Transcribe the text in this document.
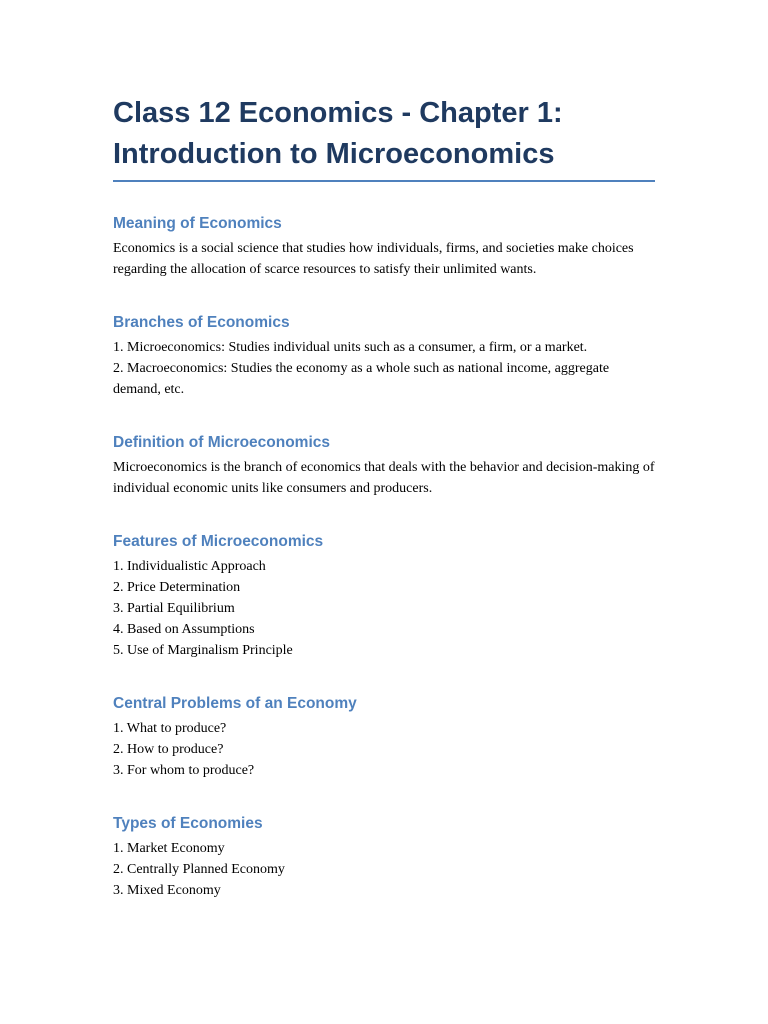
Class 12 Economics - Chapter 1:
Introduction to Microeconomics
Meaning of Economics

Economics is a social science that studies how individuals, firms, and societies make choices regarding the allocation of scarce resources to satisfy their unlimited wants.

Branches of Economics
1. Microeconomics: Studies individual units such as a consumer, a firm, or a market.
2. Macroeconomics: Studies the economy as a whole such as national income, aggregate demand, etc.
Definition of Microeconomics

Microeconomics is the branch of economics that deals with the behavior and decision-making of individual economic units like consumers and producers.

Features of Microeconomics
1. Individualistic Approach
2. Price Determination
3. Partial Equilibrium
4. Based on Assumptions
5. Use of Marginalism Principle
Central Problems of an Economy
1. What to produce?
2. How to produce?
3. For whom to produce?
Types of Economies
1. Market Economy
2. Centrally Planned Economy
3. Mixed Economy
